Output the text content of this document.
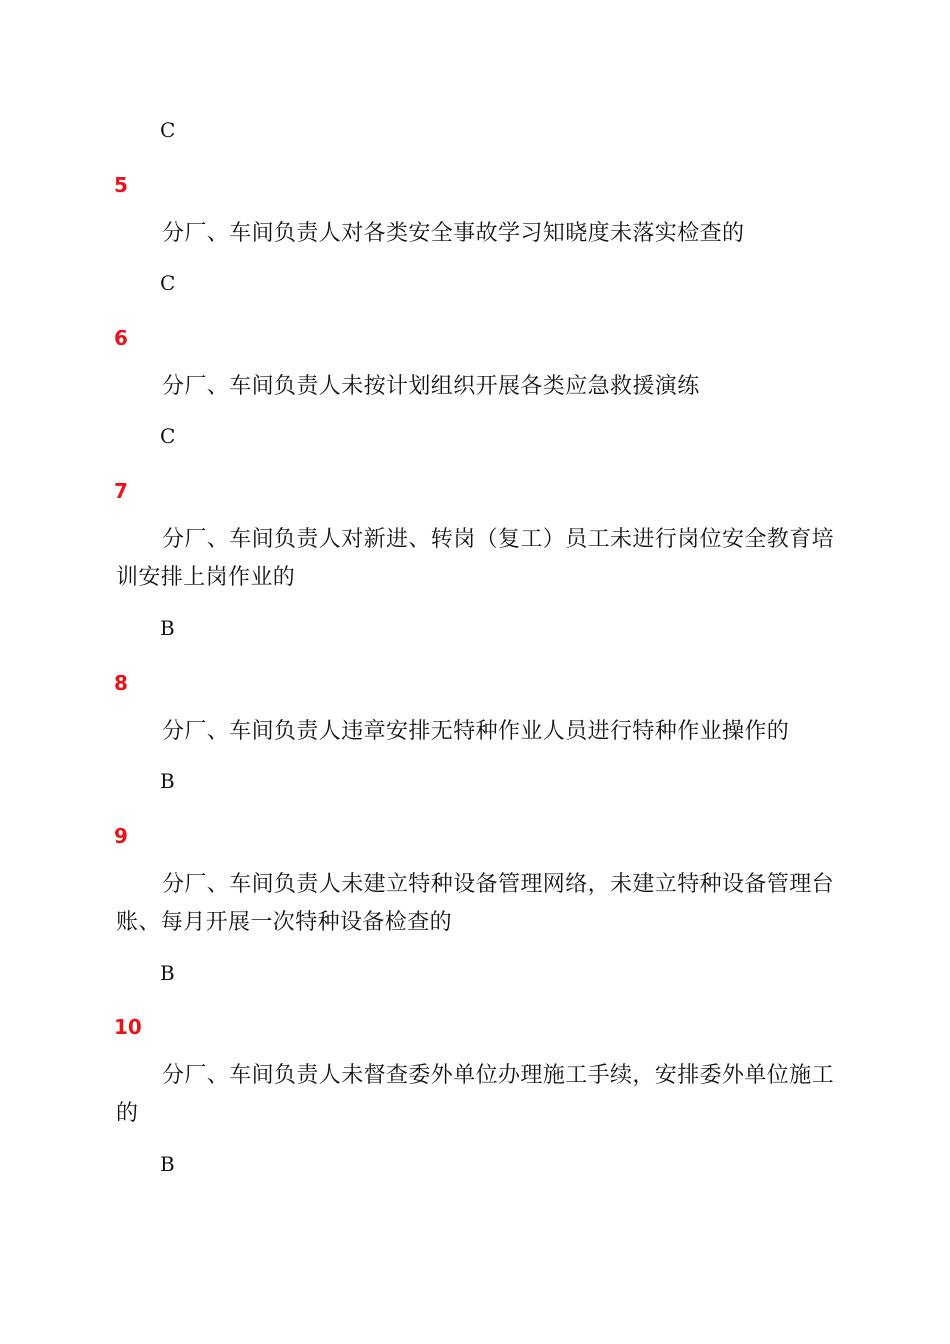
C
5
分厂、车间负责人对各类安全事故学习知晓度未落实检查的
C
6
分厂、车间负责人未按计划组织开展各类应急救援演练
C
7
分厂、车间负责人对新进、转岗（复工）员工未进行岗位安全教育培
训安排上岗作业的
B
8
分厂、车间负责人违章安排无特种作业人员进行特种作业操作的
B
9
分厂、车间负责人未建立特种设备管理网络，未建立特种设备管理台
账、每月开展一次特种设备检查的
B
10
分厂、车间负责人未督查委外单位办理施工手续，安排委外单位施工
的
B
